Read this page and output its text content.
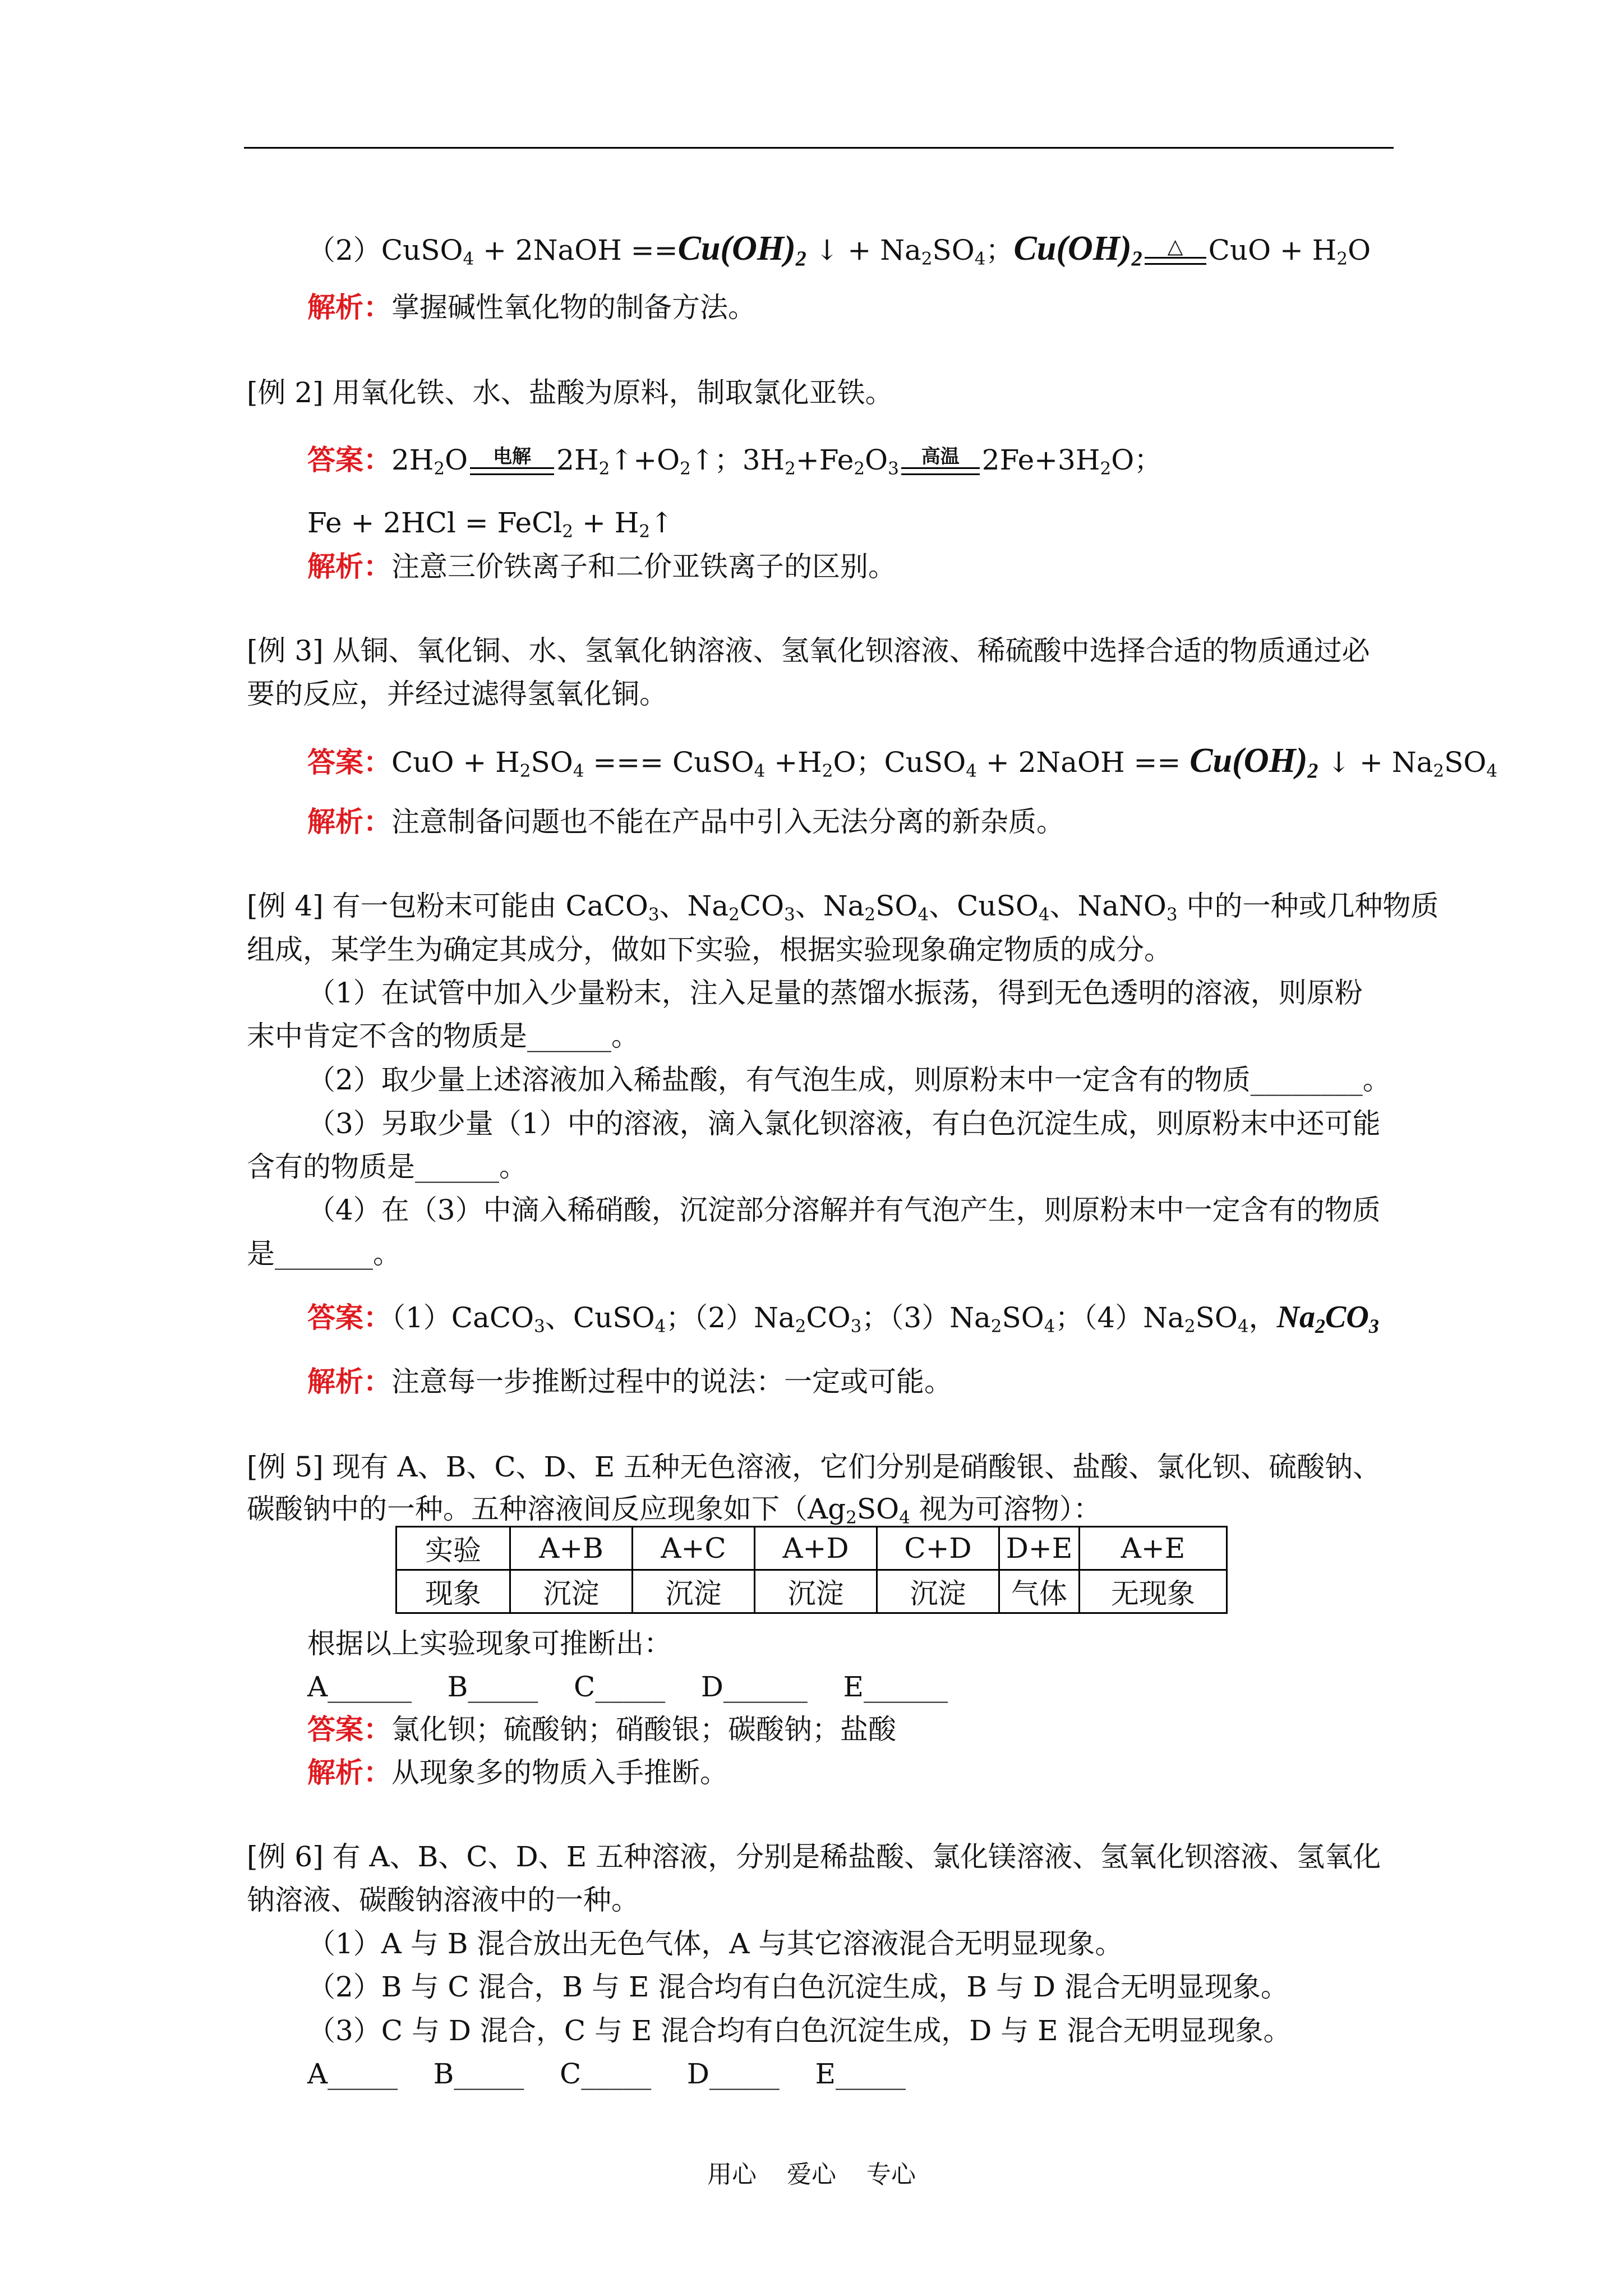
（2）CuSO$_4$ + 2NaOH $==Cu(OH)_2$ ↓ + $Na_2SO_4$；$Cu(OH)_2$
△ CuO + $H_2O$
解析：掌握碱性氧化物的制备方法。
[例 2] 用氧化铁、水、盐酸为原料，制取氯化亚铁。
答案：$2H_2O$ 电解 $2H_2↑+O_2↑$；$3H_2+Fe_2O_3$
高温 $2Fe+3H_2O$；
Fe + 2HCl = FeCl$_2$ + $H_2↑$
解析：注意三价铁离子和二价亚铁离子的区别。
[例 3] 从铜、氧化铜、水、氢氧化钠溶液、氢氧化钡溶液、稀硫酸中选择合适的物质通过必
要的反应，并经过滤得氢氧化铜。
答案：CuO + $H_2SO_4$ === CuSO$_4$ $+H_2O$；CuSO$_4$ + 2NaOH == $Cu(OH)_2$ ↓ + $Na_2SO_4$
解析：注意制备问题也不能在产品中引入无法分离的新杂质。
[例 4] 有一包粉末可能由 CaCO$_3$、$Na_2CO_3$、$Na_2SO_4$、CuSO$_4$、NaNO$_3$ 中的一种或几种物质
组成，某学生为确定其成分，做如下实验，根据实验现象确定物质的成分。
（1）在试管中加入少量粉末，注入足量的蒸馏水振荡，得到无色透明的溶液，则原粉
末中肯定不含的物质是______。
（2）取少量上述溶液加入稀盐酸，有气泡生成，则原粉末中一定含有的物质________。
（3）另取少量（1）中的溶液，滴入氯化钡溶液，有白色沉淀生成，则原粉末中还可能
含有的物质是______。
（4）在（3）中滴入稀硝酸，沉淀部分溶解并有气泡产生，则原粉末中一定含有的物质
是_______。
答案：（1）CaCO$_3$、CuSO$_4$；$(2)Na_2CO_3$；$(3)Na_2SO_4$；$(4)Na_2SO_4$，$Na_2CO_3$
解析：注意每一步推断过程中的说法：一定或可能。
[例 5] 现有 A、B、C、D、E 五种无色溶液，它们分别是硝酸银、盐酸、氯化钡、硫酸钠、
碳酸钠中的一种。五种溶液间反应现象如下（$Ag_2SO_4$ 视为可溶物）：
实验	A+B	A+C	A+D	C+D	D+E	A+E
现象	沉淀	沉淀	沉淀	沉淀	气体	无现象
根据以上实验现象可推断出：
A______    B_____    C_____    D______    E______
答案：氯化钡；硫酸钠；硝酸银；碳酸钠；盐酸
解析：从现象多的物质入手推断。
[例 6] 有 A、B、C、D、E 五种溶液，分别是稀盐酸、氯化镁溶液、氢氧化钡溶液、氢氧化
钠溶液、碳酸钠溶液中的一种。
（1）A 与 B 混合放出无色气体，A 与其它溶液混合无明显现象。
（2）B 与 C 混合，B 与 E 混合均有白色沉淀生成，B 与 D 混合无明显现象。
（3）C 与 D 混合，C 与 E 混合均有白色沉淀生成，D 与 E 混合无明显现象。
A_____    B_____    C_____    D_____    E_____
用心 爱心 专心
